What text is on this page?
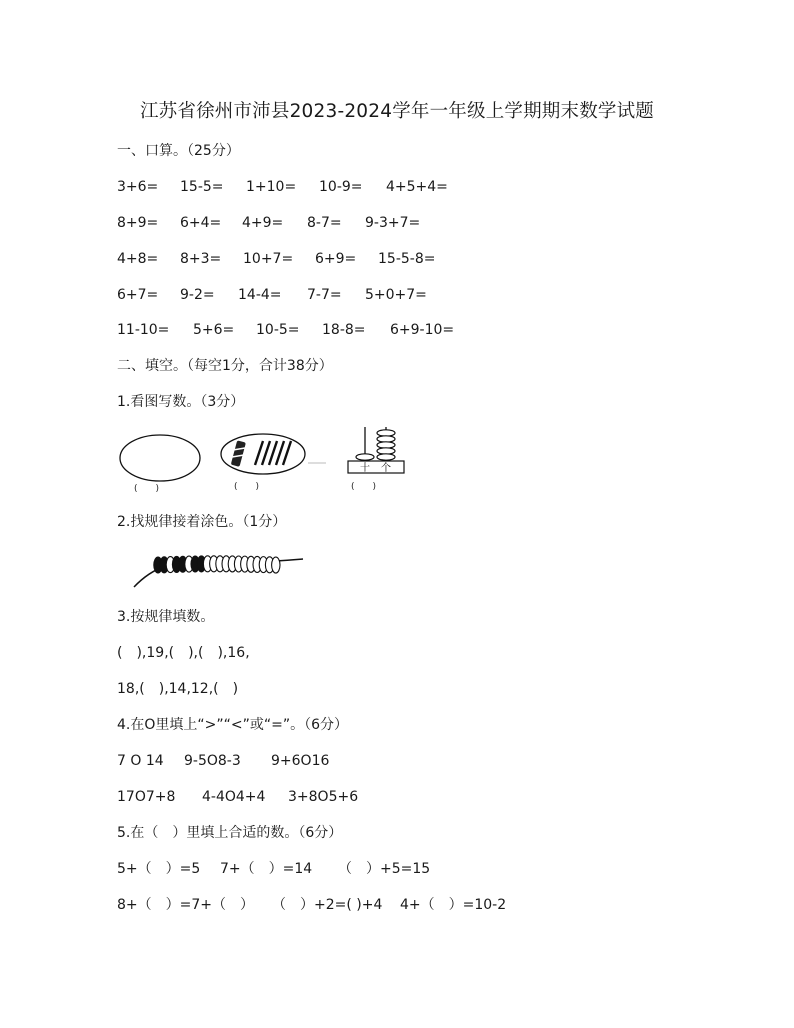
江苏省徐州市沛县2023-2024学年一年级上学期期末数学试题
一、口算。（25分）
3+6= 15-5= 1+10= 10-9= 4+5+4=
8+9= 6+4= 4+9= 8-7= 9-3+7=
4+8= 8+3= 10+7= 6+9= 15-5-8=
6+7= 9-2= 14-4= 7-7= 5+0+7=
11-10= 5+6= 10-5= 18-8= 6+9-10=
二、填空。（每空1分，合计38分）
1.看图写数。（3分）
十 个
(　　)	(　　)	(　　)
2.找规律接着涂色。（1分）
3.按规律填数。
(　),19,(　),(　),16,
18,(　),14,12,(　)
4.在O里填上“>”“<”或“=”。（6分）
7 O 14 9-5O8-3 9+6O16
17O7+8 4-4O4+4 3+8O5+6
5.在（　）里填上合适的数。（6分）
5+（　）=5 7+（　）=14 （　）+5=15
8+（　）=7+（　） （　）+2=( )+4 4+（　）=10-2
